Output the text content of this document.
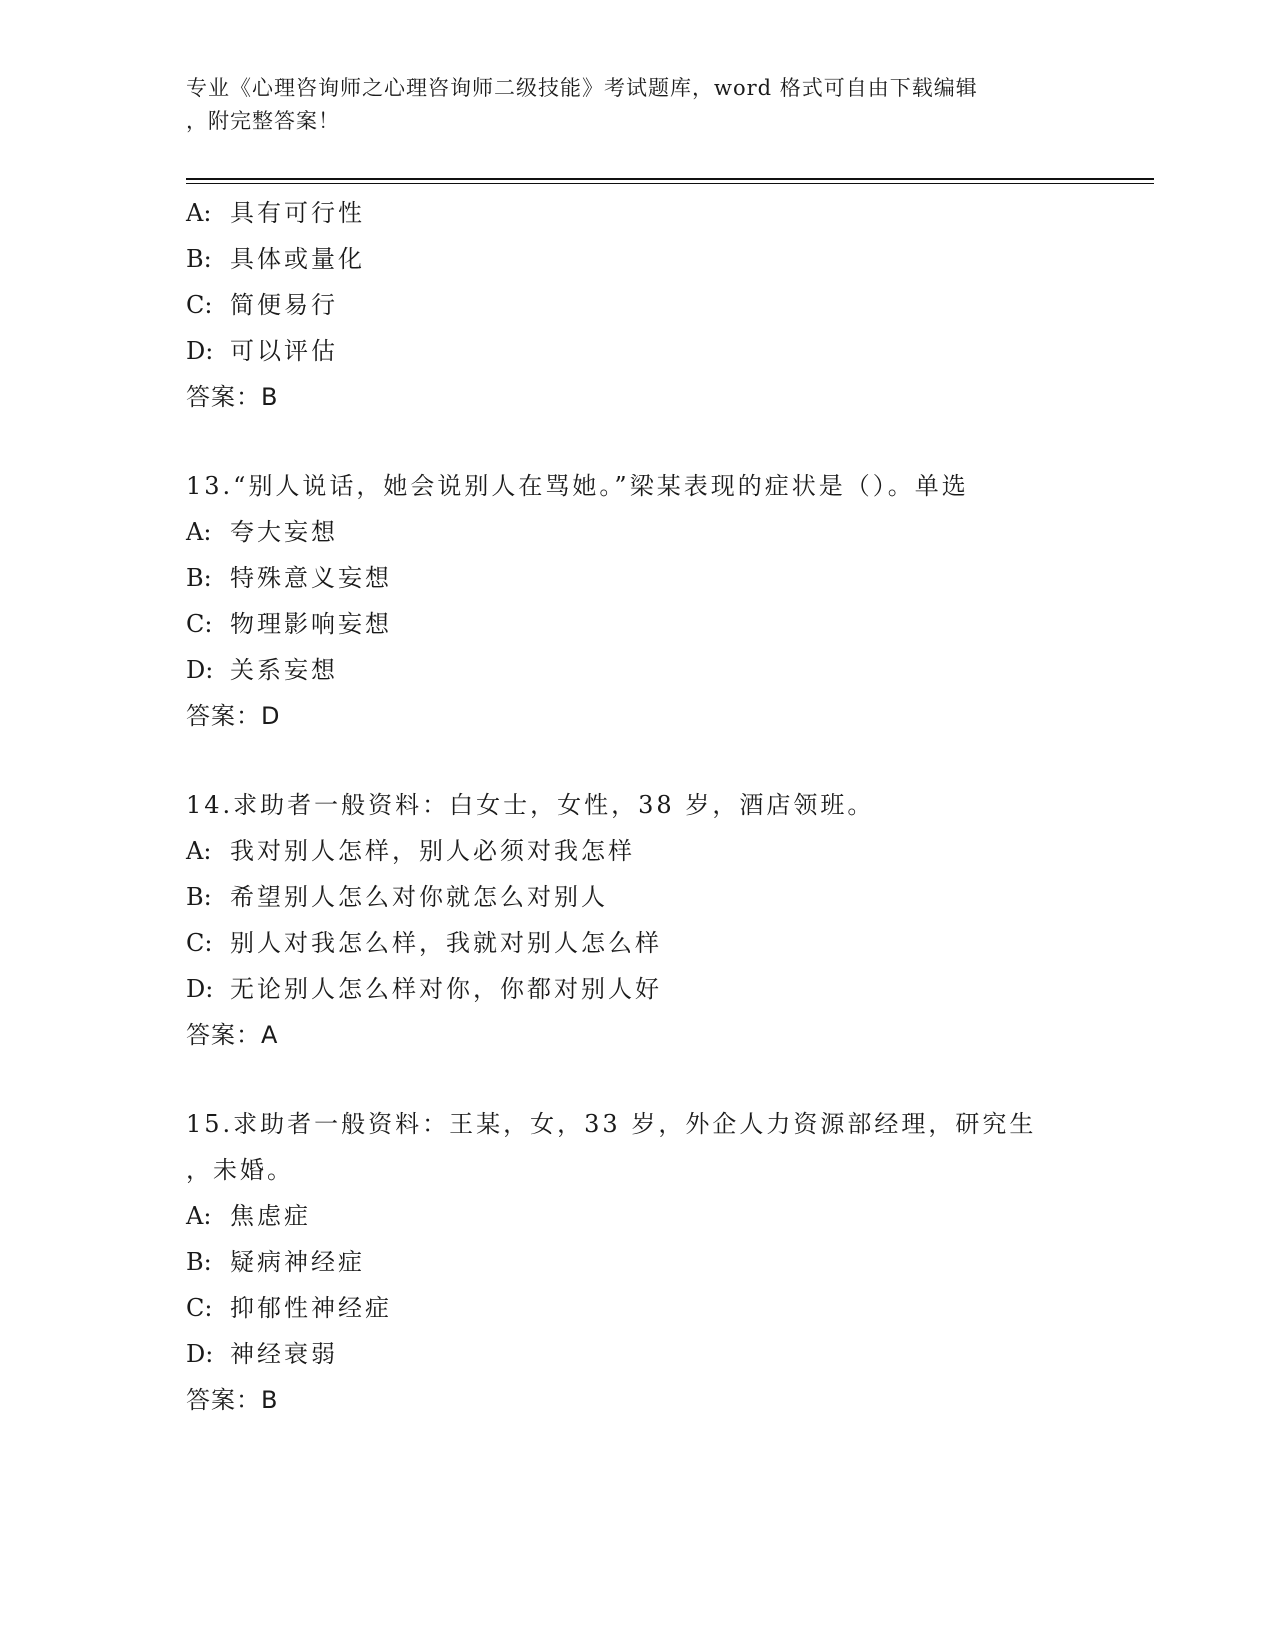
专业《心理咨询师之心理咨询师二级技能》考试题库，word 格式可自由下载编辑
，附完整答案！
A: 具有可行性
B: 具体或量化
C: 简便易行
D: 可以评估
答案：B
13.“别人说话，她会说别人在骂她。”梁某表现的症状是（）。单选
A: 夸大妄想
B: 特殊意义妄想
C: 物理影响妄想
D: 关系妄想
答案：D
14.求助者一般资料：白女士，女性，38 岁，酒店领班。
A: 我对别人怎样，别人必须对我怎样
B: 希望别人怎么对你就怎么对别人
C: 别人对我怎么样，我就对别人怎么样
D: 无论别人怎么样对你，你都对别人好
答案：A
15.求助者一般资料：王某，女，33 岁，外企人力资源部经理，研究生
，未婚。
A: 焦虑症
B: 疑病神经症
C: 抑郁性神经症
D: 神经衰弱
答案：B
